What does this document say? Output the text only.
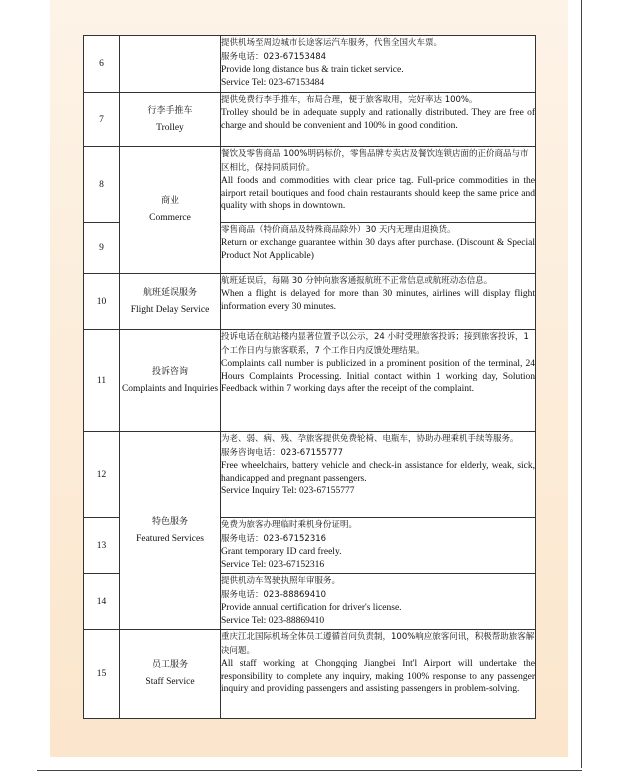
6		提供机场至周边城市长途客运汽车服务，代售全国火车票。
服务电话：023-67153484
Provide long distance bus & train ticket service.
Service Tel: 023-67153484

7	行李手推车
Trolley	提供免费行李手推车，布局合理，便于旅客取用，完好率达 100%。
Trolley should be in adequate supply and rationally distributed. They are free of charge and should be convenient and 100% in good condition.

8	商业
Commerce	餐饮及零售商品 100%明码标价，零售品牌专卖店及餐饮连锁店面的正价商品与市区相比，保持同质同价。
All foods and commodities with clear price tag. Full-price commodities in the airport retail boutiques and food chain restaurants should keep the same price and quality with shops in downtown.

9		零售商品（特价商品及特殊商品除外）30 天内无理由退换货。
Return or exchange guarantee within 30 days after purchase. (Discount & Special Product Not Applicable)

10	航班延误服务
Flight Delay Service	航班延误后，每隔 30 分钟向旅客通报航班不正常信息或航班动态信息。
When a flight is delayed for more than 30 minutes, airlines will display flight information every 30 minutes.

11	投诉咨询
Complaints and Inquiries	投诉电话在航站楼内显著位置予以公示，24 小时受理旅客投诉；接到旅客投诉，1 个工作日内与旅客联系，7 个工作日内反馈处理结果。
Complaints call number is publicized in a prominent position of the terminal, 24 Hours Complaints Processing. Initial contact within 1 working day, Solution Feedback within 7 working days after the receipt of the complaint.

12	特色服务
Featured Services	为老、弱、病、残、孕旅客提供免费轮椅、电瓶车，协助办理乘机手续等服务。
服务咨询电话：023-67155777
Free wheelchairs, battery vehicle and check-in assistance for elderly, weak, sick, handicapped and pregnant passengers.
Service Inquiry Tel: 023-67155777

13		免费为旅客办理临时乘机身份证明。
服务电话：023-67152316
Grant temporary ID card freely.
Service Tel: 023-67152316

14		提供机动车驾驶执照年审服务。
服务电话：023-88869410
Provide annual certification for driver's license.
Service Tel: 023-88869410

15	员工服务
Staff Service	重庆江北国际机场全体员工遵循首问负责制，100%响应旅客问讯，积极帮助旅客解决问题。
All staff working at Chongqing Jiangbei Int'l Airport will undertake the responsibility to complete any inquiry, making 100% response to any passenger inquiry and providing passengers and assisting passengers in problem-solving.
